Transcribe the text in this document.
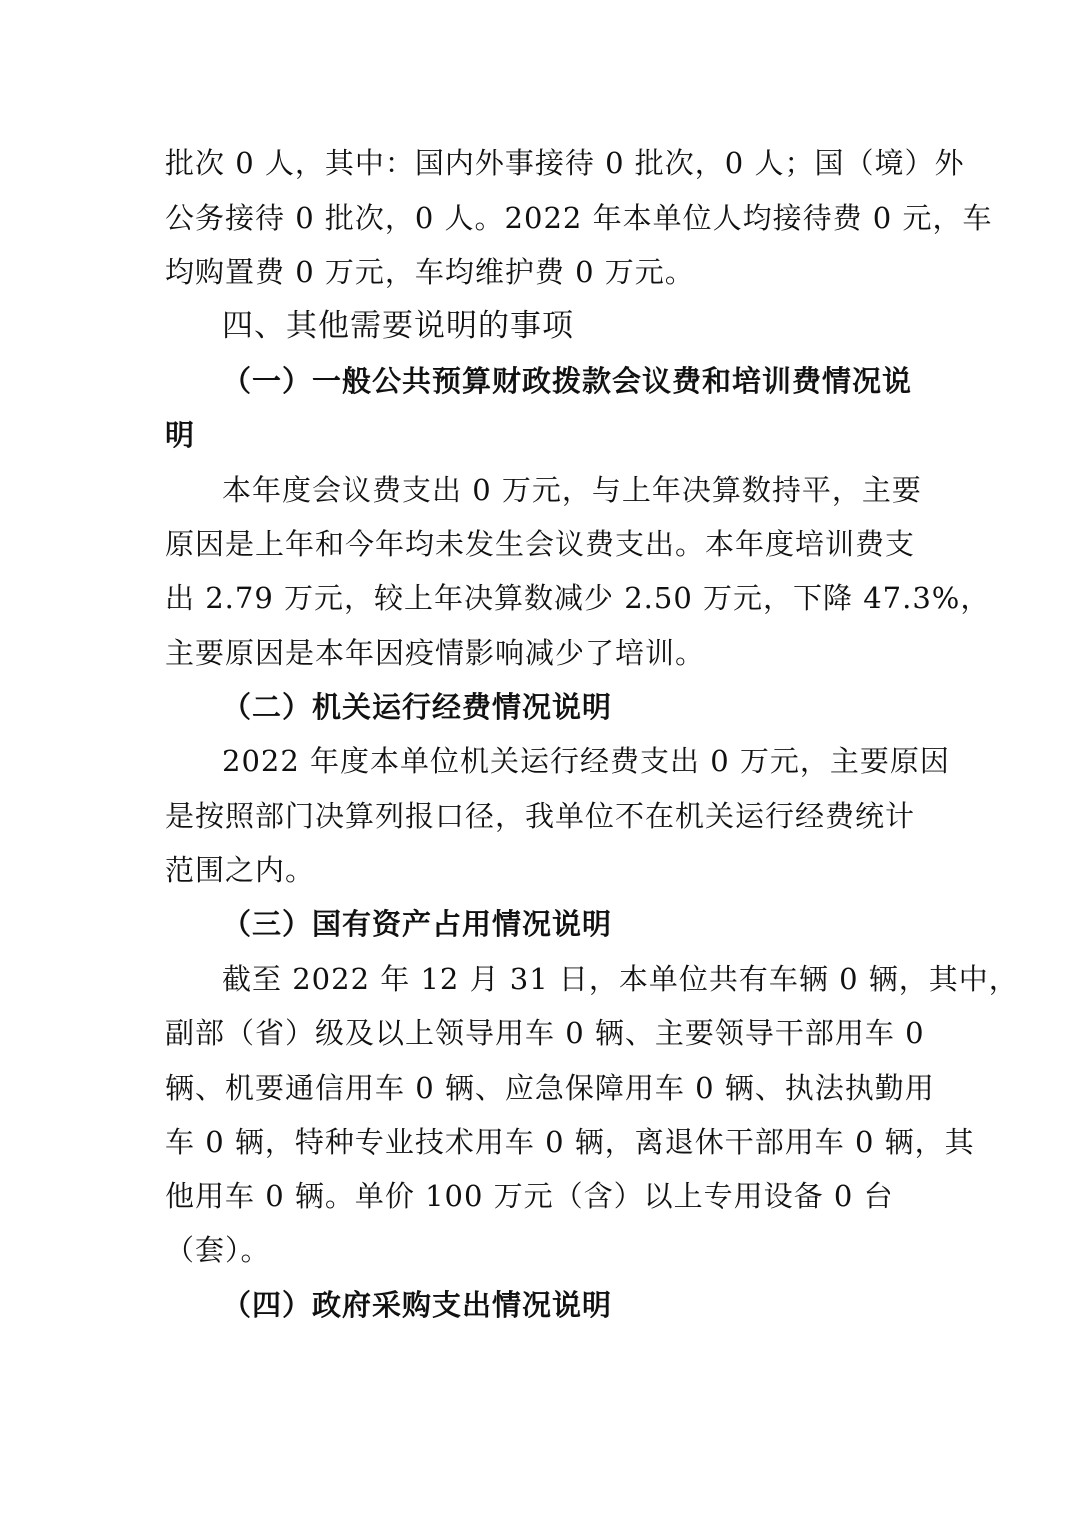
批次 0 人，其中：国内外事接待 0 批次，0 人；国（境）外

公务接待 0 批次，0 人。2022 年本单位人均接待费 0 元，车

均购置费 0 万元，车均维护费 0 万元。

四、其他需要说明的事项

（一）一般公共预算财政拨款会议费和培训费情况说

明

本年度会议费支出 0 万元，与上年决算数持平，主要

原因是上年和今年均未发生会议费支出。本年度培训费支

出 2.79 万元，较上年决算数减少 2.50 万元，下降 47.3%，

主要原因是本年因疫情影响减少了培训。

（二）机关运行经费情况说明

2022 年度本单位机关运行经费支出 0 万元，主要原因

是按照部门决算列报口径，我单位不在机关运行经费统计

范围之内。

（三）国有资产占用情况说明

截至 2022 年 12 月 31 日，本单位共有车辆 0 辆，其中，

副部（省）级及以上领导用车 0 辆、主要领导干部用车 0

辆、机要通信用车 0 辆、应急保障用车 0 辆、执法执勤用

车 0 辆，特种专业技术用车 0 辆，离退休干部用车 0 辆，其

他用车 0 辆。单价 100 万元（含）以上专用设备 0 台

（套）。

（四）政府采购支出情况说明
